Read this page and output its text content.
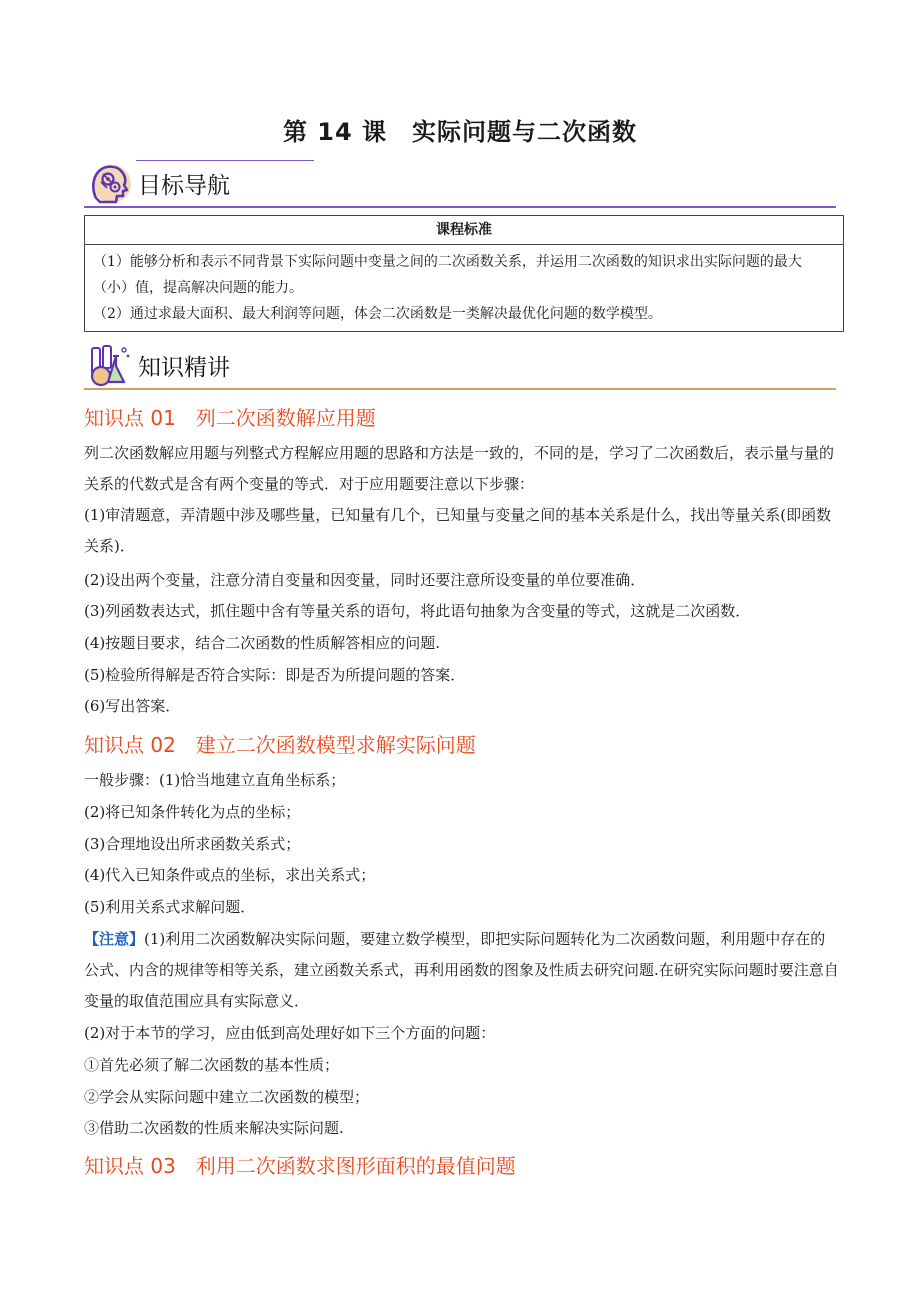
第 14 课　实际问题与二次函数
目标导航
课程标准

（1）能够分析和表示不同背景下实际问题中变量之间的二次函数关系，并运用二次函数的知识求出实际问题的最大（小）值，提高解决问题的能力。

（2）通过求最大面积、最大利润等问题，体会二次函数是一类解决最优化问题的数学模型。

知识精讲
知识点 01　列二次函数解应用题

列二次函数解应用题与列整式方程解应用题的思路和方法是一致的，不同的是，学习了二次函数后，表示量与量的关系的代数式是含有两个变量的等式．对于应用题要注意以下步骤：

(1)审清题意，弄清题中涉及哪些量，已知量有几个，已知量与变量之间的基本关系是什么，找出等量关系(即函数关系)．

(2)设出两个变量，注意分清自变量和因变量，同时还要注意所设变量的单位要准确．

(3)列函数表达式，抓住题中含有等量关系的语句，将此语句抽象为含变量的等式，这就是二次函数．

(4)按题目要求，结合二次函数的性质解答相应的问题.

(5)检验所得解是否符合实际：即是否为所提问题的答案．

(6)写出答案．

知识点 02　建立二次函数模型求解实际问题

一般步骤：(1)恰当地建立直角坐标系；

(2)将已知条件转化为点的坐标；

(3)合理地设出所求函数关系式；

(4)代入已知条件或点的坐标，求出关系式；

(5)利用关系式求解问题．

【注意】(1)利用二次函数解决实际问题，要建立数学模型，即把实际问题转化为二次函数问题，利用题中存在的公式、内含的规律等相等关系，建立函数关系式，再利用函数的图象及性质去研究问题.在研究实际问题时要注意自变量的取值范围应具有实际意义．

(2)对于本节的学习，应由低到高处理好如下三个方面的问题：

①首先必须了解二次函数的基本性质；

②学会从实际问题中建立二次函数的模型；

③借助二次函数的性质来解决实际问题.

知识点 03　利用二次函数求图形面积的最值问题
